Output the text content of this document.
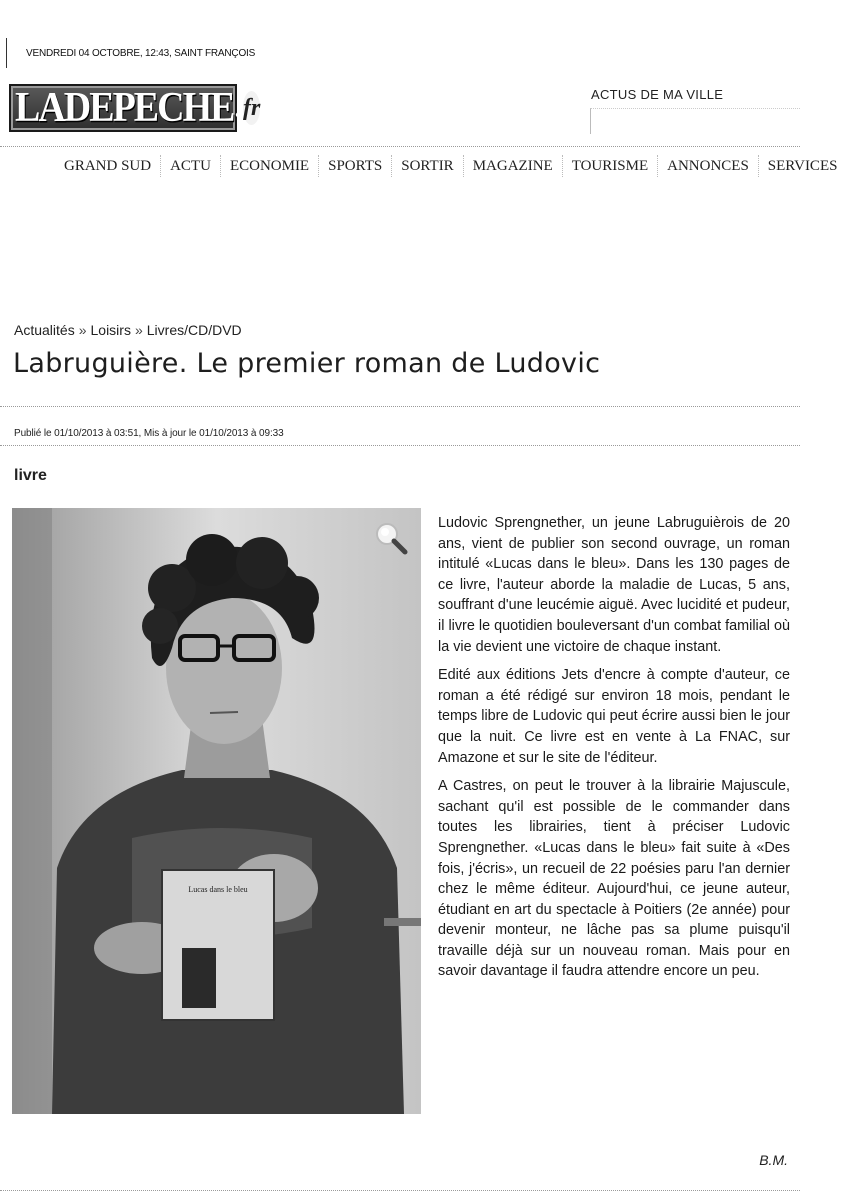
VENDREDI 04 OCTOBRE, 12:43, SAINT FRANÇOIS
LADEPECHE . fr	ACTUS DE MA VILLE
GRAND SUD	ACTU	ECONOMIE	SPORTS	SORTIR	MAGAZINE	TOURISME	ANNONCES	SERVICES
Actualités » Loisirs » Livres/CD/DVD
Labruguière. Le premier roman de Ludovic
Publié le 01/10/2013 à 03:51, Mis à jour le 01/10/2013 à 09:33
livre
Lucas dans le bleu

Ludovic Sprengnether, un jeune Labruguièrois de 20 ans, vient de publier son second ouvrage, un roman intitulé «Lucas dans le bleu». Dans les 130 pages de ce livre, l'auteur aborde la maladie de Lucas, 5 ans, souffrant d'une leucémie aiguë. Avec lucidité et pudeur, il livre le quotidien bouleversant d'un combat familial où la vie devient une victoire de chaque instant.

Edité aux éditions Jets d'encre à compte d'auteur, ce roman a été rédigé sur environ 18 mois, pendant le temps libre de Ludovic qui peut écrire aussi bien le jour que la nuit. Ce livre est en vente à La FNAC, sur Amazone et sur le site de l'éditeur.

A Castres, on peut le trouver à la librairie Majuscule, sachant qu'il est possible de le commander dans toutes les librairies, tient à préciser Ludovic Sprengnether. «Lucas dans le bleu» fait suite à «Des fois, j'écris», un recueil de 22 poésies paru l'an dernier chez le même éditeur. Aujourd'hui, ce jeune auteur, étudiant en art du spectacle à Poitiers (2e année) pour devenir monteur, ne lâche pas sa plume puisqu'il travaille déjà sur un nouveau roman. Mais pour en savoir davantage il faudra attendre encore un peu.

B.M.
